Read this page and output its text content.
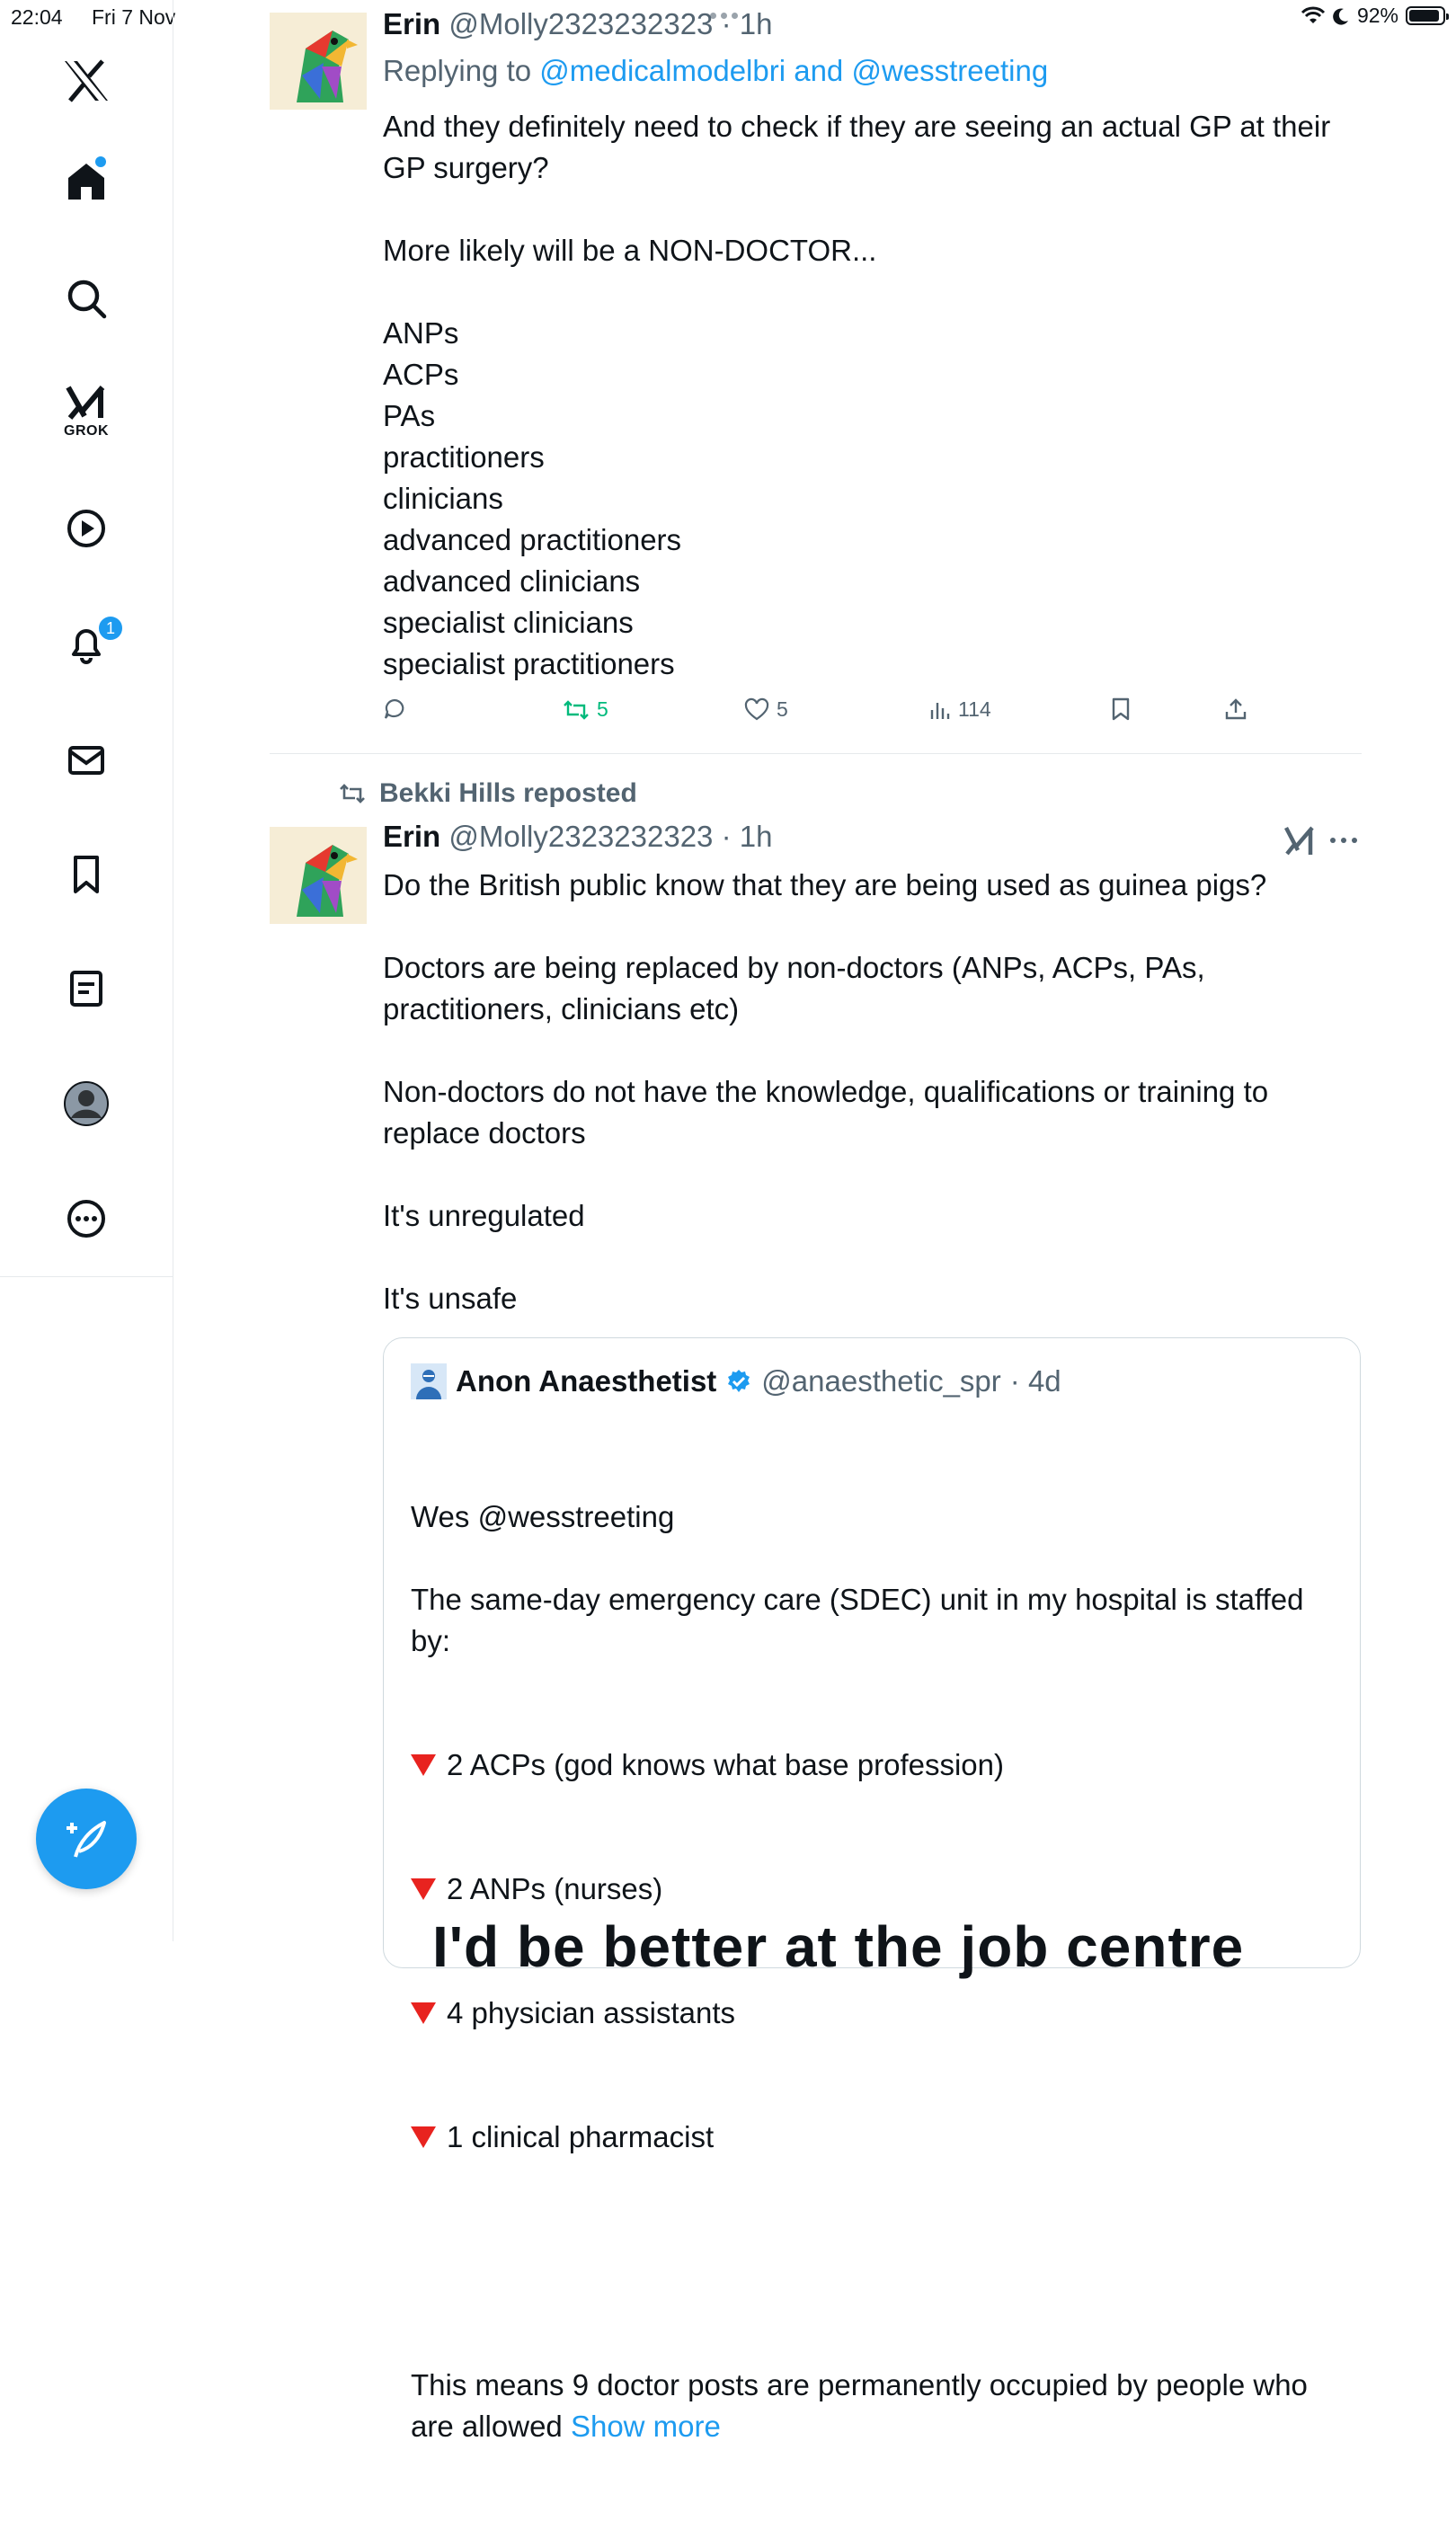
22:04 Fri 7 Nov	92%
GROK
1
Erin @Molly2323232323 · 1h
Replying to @medicalmodelbri and @wesstreeting
And they definitely need to check if they are seeing an actual GP at their GP surgery?

More likely will be a NON-DOCTOR...

ANPs
ACPs
PAs
practitioners
clinicians
advanced practitioners
advanced clinicians
specialist clinicians
specialist practitioners
5	5	114
Bekki Hills reposted
Erin @Molly2323232323 · 1h
Do the British public know that they are being used as guinea pigs?

Doctors are being replaced by non-doctors (ANPs, ACPs, PAs, practitioners, clinicians etc)

Non-doctors do not have the knowledge, qualifications or training to replace doctors

It's unregulated

It's unsafe
Anon Anaesthetist @anaesthetic_spr · 4d

Wes @wesstreeting

The same-day emergency care (SDEC) unit in my hospital is staffed by:

2 ACPs (god knows what base profession)

2 ANPs (nurses)

4 physician assistants

1 clinical pharmacist

This means 9 doctor posts are permanently occupied by people who are allowed Show more

I'd be better at the job centre
